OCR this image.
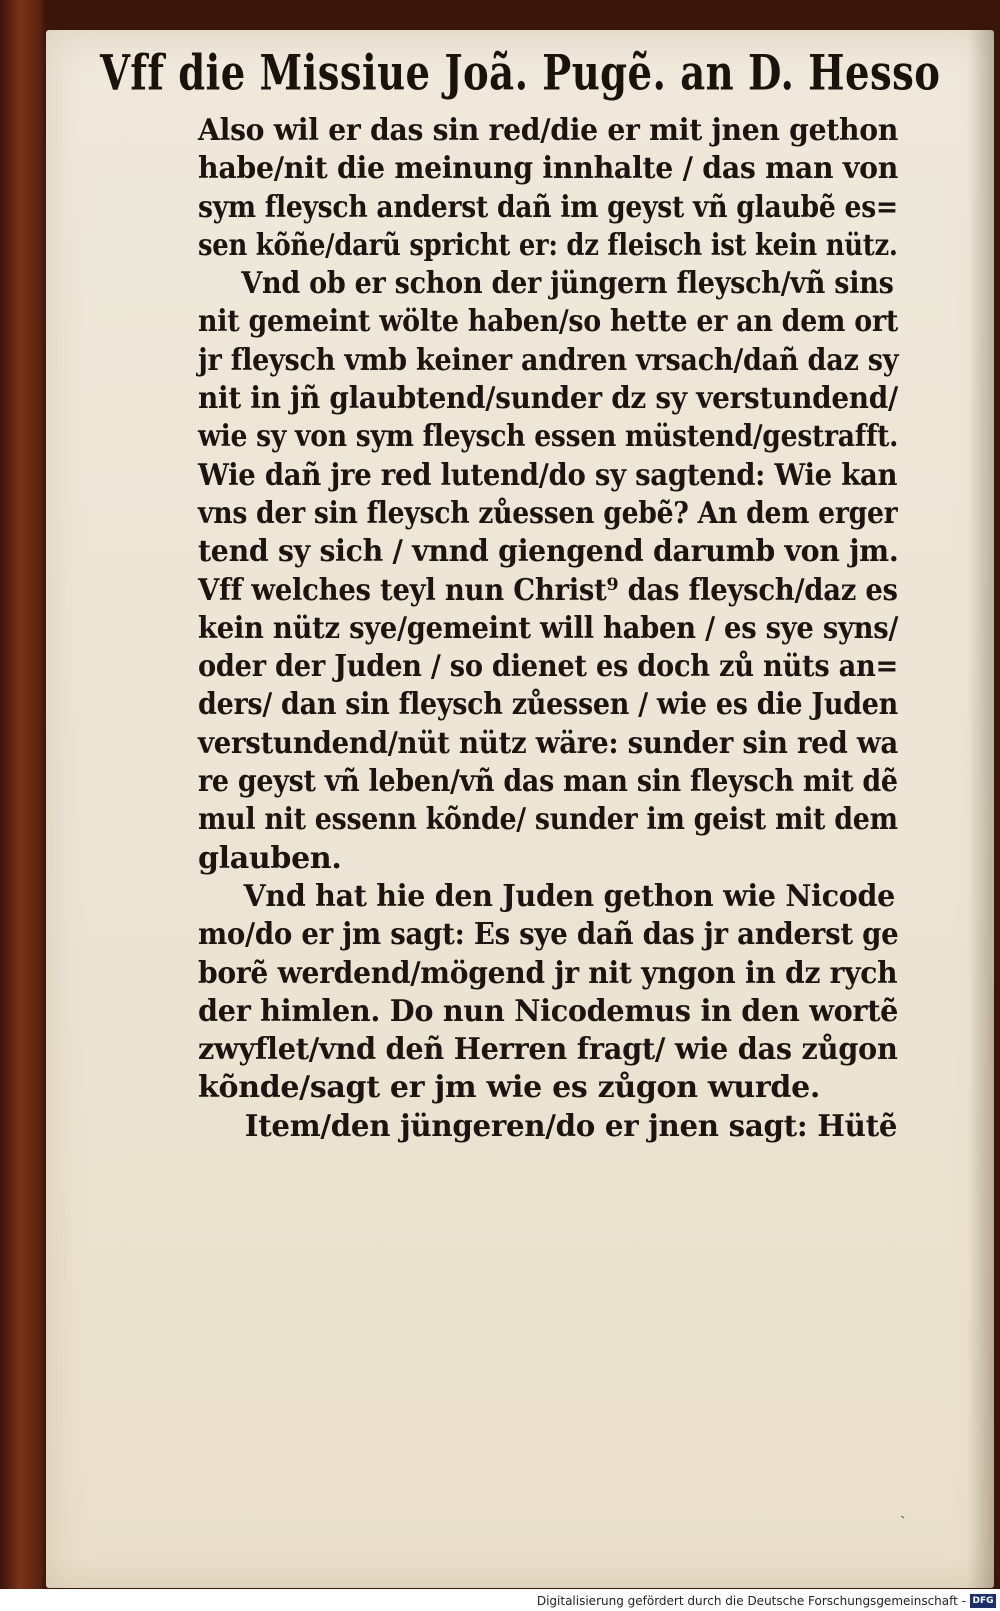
Vff die Missiue Joã. Pugẽ. an D. Hesso
Also wil er das sin red/die er mit jnen gethon
habe/nit die meinung innhalte / das man von
sym fleysch anderst dañ im geyst vñ glaubẽ es=
sen kõñe/darũ spricht er: dz fleisch ist kein nütz.
Vnd ob er schon der jüngern fleysch/vñ sins
nit gemeint wölte haben/so hette er an dem ort
jr fleysch vmb keiner andren vrsach/dañ daz sy
nit in jñ glaubtend/sunder dz sy verstundend/
wie sy von sym fleysch essen müstend/gestrafft.
Wie dañ jre red lutend/do sy sagtend: Wie kan
vns der sin fleysch zůessen gebẽ? An dem erger
tend sy sich / vnnd giengend darumb von jm.
Vff welches teyl nun Christ⁹ das fleysch/daz es
kein nütz sye/gemeint will haben / es sye syns/
oder der Juden / so dienet es doch zů nüts an=
ders/ dan sin fleysch zůessen / wie es die Juden
verstundend/nüt nütz wäre: sunder sin red wa
re geyst vñ leben/vñ das man sin fleysch mit dẽ
mul nit essenn kõnde/ sunder im geist mit dem
glauben.
Vnd hat hie den Juden gethon wie Nicode
mo/do er jm sagt: Es sye dañ das jr anderst ge
borẽ werdend/mögend jr nit yngon in dz rych
der himlen. Do nun Nicodemus in den wortẽ
zwyflet/vnd deñ Herren fragt/ wie das zůgon
kõnde/sagt er jm wie es zůgon wurde.
Item/den jüngeren/do er jnen sagt: Hütẽ
ˏ
Digitalisierung gefördert durch die Deutsche Forschungsgemeinschaft - DFG
